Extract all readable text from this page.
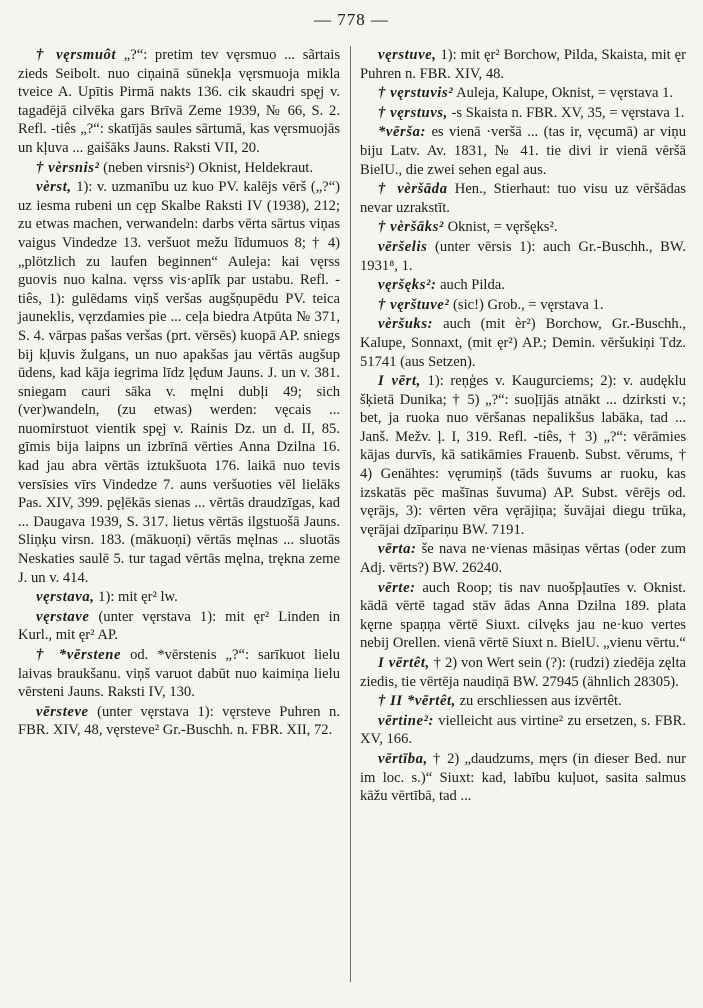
— 778 —

† vęrsmuôt „?“: pretim tev vęrsmuo ... sãrtais zieds Seibolt. nuo ciņainā sūnekļa vęrsmuoja mikla tveice A. Upītis Pirmā nakts 136. cik skaudri spęj v. tagadējā cilvēka gars Brīvā Zeme 1939, № 66, S. 2. Refl. -tiês „?“: skatījās saules sārtumā, kas vęrsmuojās un kļuva ... gaišāks Jauns. Raksti VII, 20.

† vèrsnis² (neben virsnis²) Oknist, Heldekraut.

vèrst, 1): v. uzmanību uz kuo PV. kalējs vērš („?“) uz iesma rubeni un cęp Skalbe Raksti IV (1938), 212; zu etwas machen, verwandeln: darbs vērta sārtus viņas vaigus Vindedze 13. veršuot mežu līdumuos 8; † 4) „plötzlich zu laufen beginnen“ Auleja: kai vęrss guovis nuo kalna. vęrss vis·aplīk par ustabu. Refl. -tiês, 1): gulēdams viņš veršas augšņupēdu PV. teica jauneklis, vęrzdamies pie ... ceļa biedra Atpūta № 371, S. 4. vārpas pašas veršas (prt. vērsēs) kuopā AP. sniegs bij kļuvis žulgans, un nuo apakšas jau vērtās augšup ūdens, kad kāja iegrima līdz ļęduм Jauns. J. un v. 381. sniegam cauri sāka v. męlni dubļi 49; sich (ver)wandeln, (zu etwas) werden: vęcais ... nuomirstuot vientik spęj v. Rainis Dz. un d. II, 85. gīmis bija laipns un izbrīnā vērties Anna Dzilna 16. kad jau abra vērtās iztukšuota 176. laikā nuo tevis versīsies vīrs Vindedze 7. auns veršuoties vēl lielāks Pas. XIV, 399. pęļēkās sienas ... vērtās draudzīgas, kad ... Daugava 1939, S. 317. lietus vērtās ilgstuošā Jauns. Sliņķu virsn. 183. (mākuoņi) vērtās męlnas ... sluotās Neskaties saulē 5. tur tagad vērtās męlna, trękna zeme J. un v. 414.

vęrstava, 1): mit ęr² lw.

vęrstave (unter vęrstava 1): mit ęr² Linden in Kurl., mit ęr² AP.

† *vērstene od. *vērstenis „?“: sarīkuot lielu laivas braukšanu. viņš varuot dabūt nuo kaimiņa lielu vērsteni Jauns. Raksti IV, 130.

vērsteve (unter vęrstava 1): vęrsteve Puhren n. FBR. XIV, 48, vęrsteve² Gr.-Buschh. n. FBR. XII, 72.

vęrstuve, 1): mit ęr² Borchow, Pilda, Skaista, mit ęr Puhren n. FBR. XIV, 48.

† vęrstuvis² Auleja, Kalupe, Oknist, = vęrstava 1.

† vęrstuvs, -s Skaista n. FBR. XV, 35, = vęrstava 1.

*vērša: es vienā ·veršā ... (tas ir, vęcumā) ar viņu biju Latv. Av. 1831, № 41. tie divi ir vienā vēršā BielU., die zwei sehen egal aus.

† vèršāda Hen., Stierhaut: tuo visu uz vēršādas nevar uzrakstīt.

† vèršāks² Oknist, = vęršęks².

vēršelis (unter vērsis 1): auch Gr.-Buschh., BW. 1931⁸, 1.

vęršęks²: auch Pilda.

† vęrštuve² (sic!) Grob., = vęrstava 1.

vèršuks: auch (mit èr²) Borchow, Gr.-Buschh., Kalupe, Sonnaxt, (mit ęr²) AP.; Demin. vēršukiņi Tdz. 51741 (aus Setzen).

I vērt, 1): reņģes v. Kaugurciems; 2): v. audęklu šķietā Dunika; † 5) „?“: suoļījās atnākt ... dzirksti v.; bet, ja ruoka nuo vēršanas nepalikšus labāka, tad ... Janš. Mežv. ļ. I, 319. Refl. -tiês, † 3) „?“: vērāmies kājas durvīs, kā satikāmies Frauenb. Subst. vērums, † 4) Genähtes: vęrumiņš (tāds šuvums ar ruoku, kas izskatās pēc mašīnas šuvuma) AP. Subst. vērējs od. vęrājs, 3): vērten vēra vęrājiņa; šuvājai diegu trūka, vęrājai dzīpariņu BW. 7191.

vērta: še nava ne·vienas māsiņas vērtas (oder zum Adj. vērts?) BW. 26240.

vērte: auch Roop; tis nav nuošpļautīes v. Oknist. kādā vērtē tagad stāv ādas Anna Dzilna 189. plata kęrne spaņņa vērtē Siuxt. cilvęks jau ne·kuo vertes nebij Orellen. vienā vērtē Siuxt n. BielU. „vienu vērtu.“

I vērtêt, † 2) von Wert sein (?): (rudzi) ziedēja zęlta ziedis, tie vērtēja naudiņā BW. 27945 (ähnlich 28305).

† II *vērtêt, zu erschliessen aus izvērtêt.

vērtine²: vielleicht aus virtine² zu ersetzen, s. FBR. XV, 166.

vērtība, † 2) „daudzums, męrs (in dieser Bed. nur im loc. s.)“ Siuxt: kad, labību kuļuot, sasita salmus kāžu vērtībā, tad ...
